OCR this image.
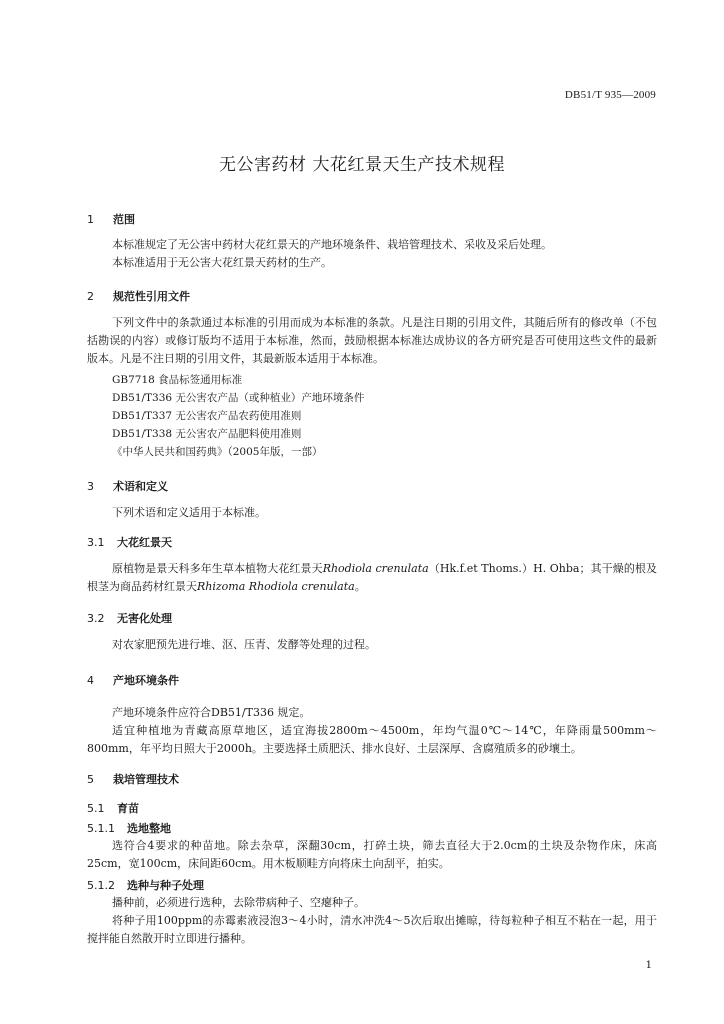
DB51/T 935—2009
无公害药材 大花红景天生产技术规程
1 范围
本标准规定了无公害中药材大花红景天的产地环境条件、栽培管理技术、采收及采后处理。
本标准适用于无公害大花红景天药材的生产。
2 规范性引用文件
下列文件中的条款通过本标准的引用而成为本标准的条款。凡是注日期的引用文件，其随后所有的修改单（不包括勘误的内容）或修订版均不适用于本标准，然而，鼓励根据本标准达成协议的各方研究是否可使用这些文件的最新版本。凡是不注日期的引用文件，其最新版本适用于本标准。
GB7718 食品标签通用标准
DB51/T336 无公害农产品（或种植业）产地环境条件
DB51/T337 无公害农产品农药使用准则
DB51/T338 无公害农产品肥料使用准则
《中华人民共和国药典》（2005年版，一部）
3 术语和定义
下列术语和定义适用于本标准。
3.1 大花红景天
原植物是景天科多年生草本植物大花红景天Rhodiola crenulata（Hk.f.et Thoms.）H. Ohba；其干燥的根及根茎为商品药材红景天Rhizoma Rhodiola crenulata。
3.2 无害化处理
对农家肥预先进行堆、沤、压青、发酵等处理的过程。
4 产地环境条件
产地环境条件应符合DB51/T336 规定。
适宜种植地为青藏高原草地区，适宜海拔2800m～4500m，年均气温0℃～14℃，年降雨量500mm～800mm，年平均日照大于2000h。主要选择土质肥沃、排水良好、土层深厚、含腐殖质多的砂壤土。
5 栽培管理技术
5.1 育苗
5.1.1 选地整地
选符合4要求的种苗地。除去杂草，深翻30cm，打碎土块，筛去直径大于2.0cm的土块及杂物作床，床高25cm，宽100cm，床间距60cm。用木板顺畦方向将床土向刮平，拍实。
5.1.2 选种与种子处理
播种前，必须进行选种，去除带病种子、空瘪种子。
将种子用100ppm的赤霉素液浸泡3～4小时，清水冲洗4～5次后取出摊晾，待每粒种子相互不粘在一起，用于搅拌能自然散开时立即进行播种。
1
